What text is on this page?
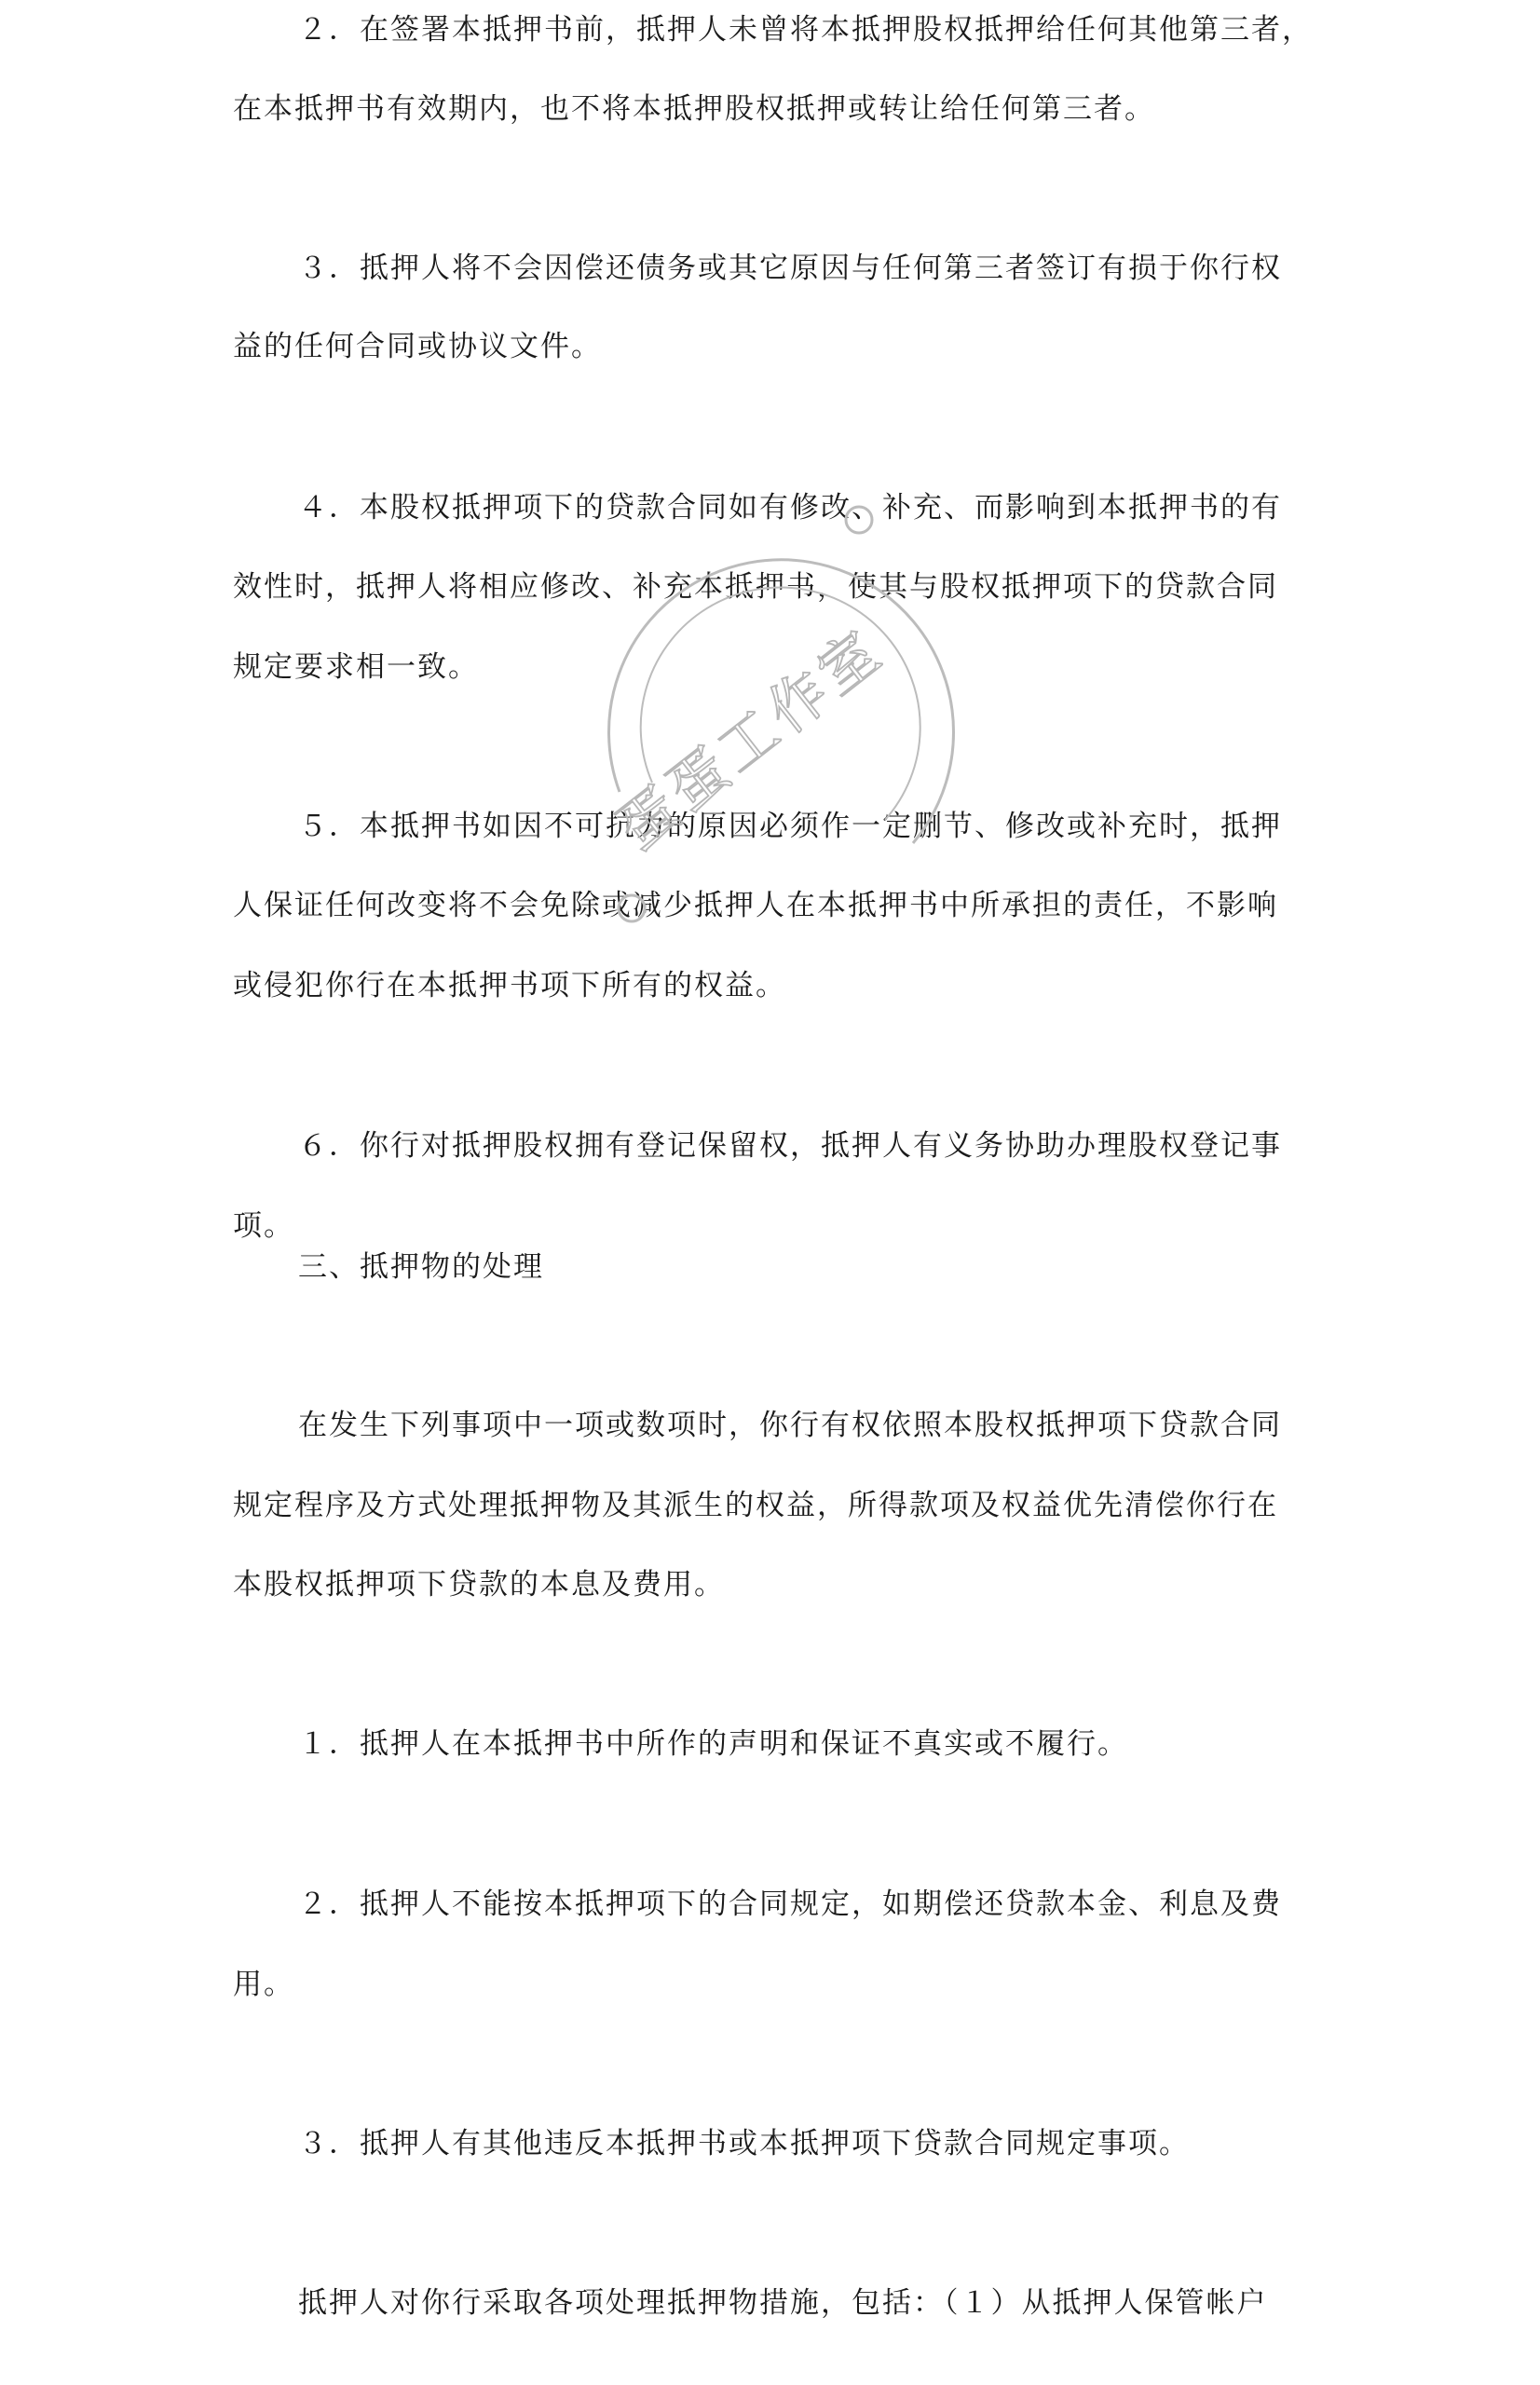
２．在签署本抵押书前，抵押人未曾将本抵押股权抵押给任何其他第三者，
在本抵押书有效期内，也不将本抵押股权抵押或转让给任何第三者。
３．抵押人将不会因偿还债务或其它原因与任何第三者签订有损于你行权
益的任何合同或协议文件。
４．本股权抵押项下的贷款合同如有修改、补充、而影响到本抵押书的有
效性时，抵押人将相应修改、补充本抵押书，使其与股权抵押项下的贷款合同
规定要求相一致。
５．本抵押书如因不可抗力的原因必须作一定删节、修改或补充时，抵押
人保证任何改变将不会免除或减少抵押人在本抵押书中所承担的责任，不影响
或侵犯你行在本抵押书项下所有的权益。
６．你行对抵押股权拥有登记保留权，抵押人有义务协助办理股权登记事
项。
三、抵押物的处理
在发生下列事项中一项或数项时，你行有权依照本股权抵押项下贷款合同
规定程序及方式处理抵押物及其派生的权益，所得款项及权益优先清偿你行在
本股权抵押项下贷款的本息及费用。
１．抵押人在本抵押书中所作的声明和保证不真实或不履行。
２．抵押人不能按本抵押项下的合同规定，如期偿还贷款本金、利息及费
用。
３．抵押人有其他违反本抵押书或本抵押项下贷款合同规定事项。
抵押人对你行采取各项处理抵押物措施，包括：（１）从抵押人保管帐户
蛋蛋工作室
